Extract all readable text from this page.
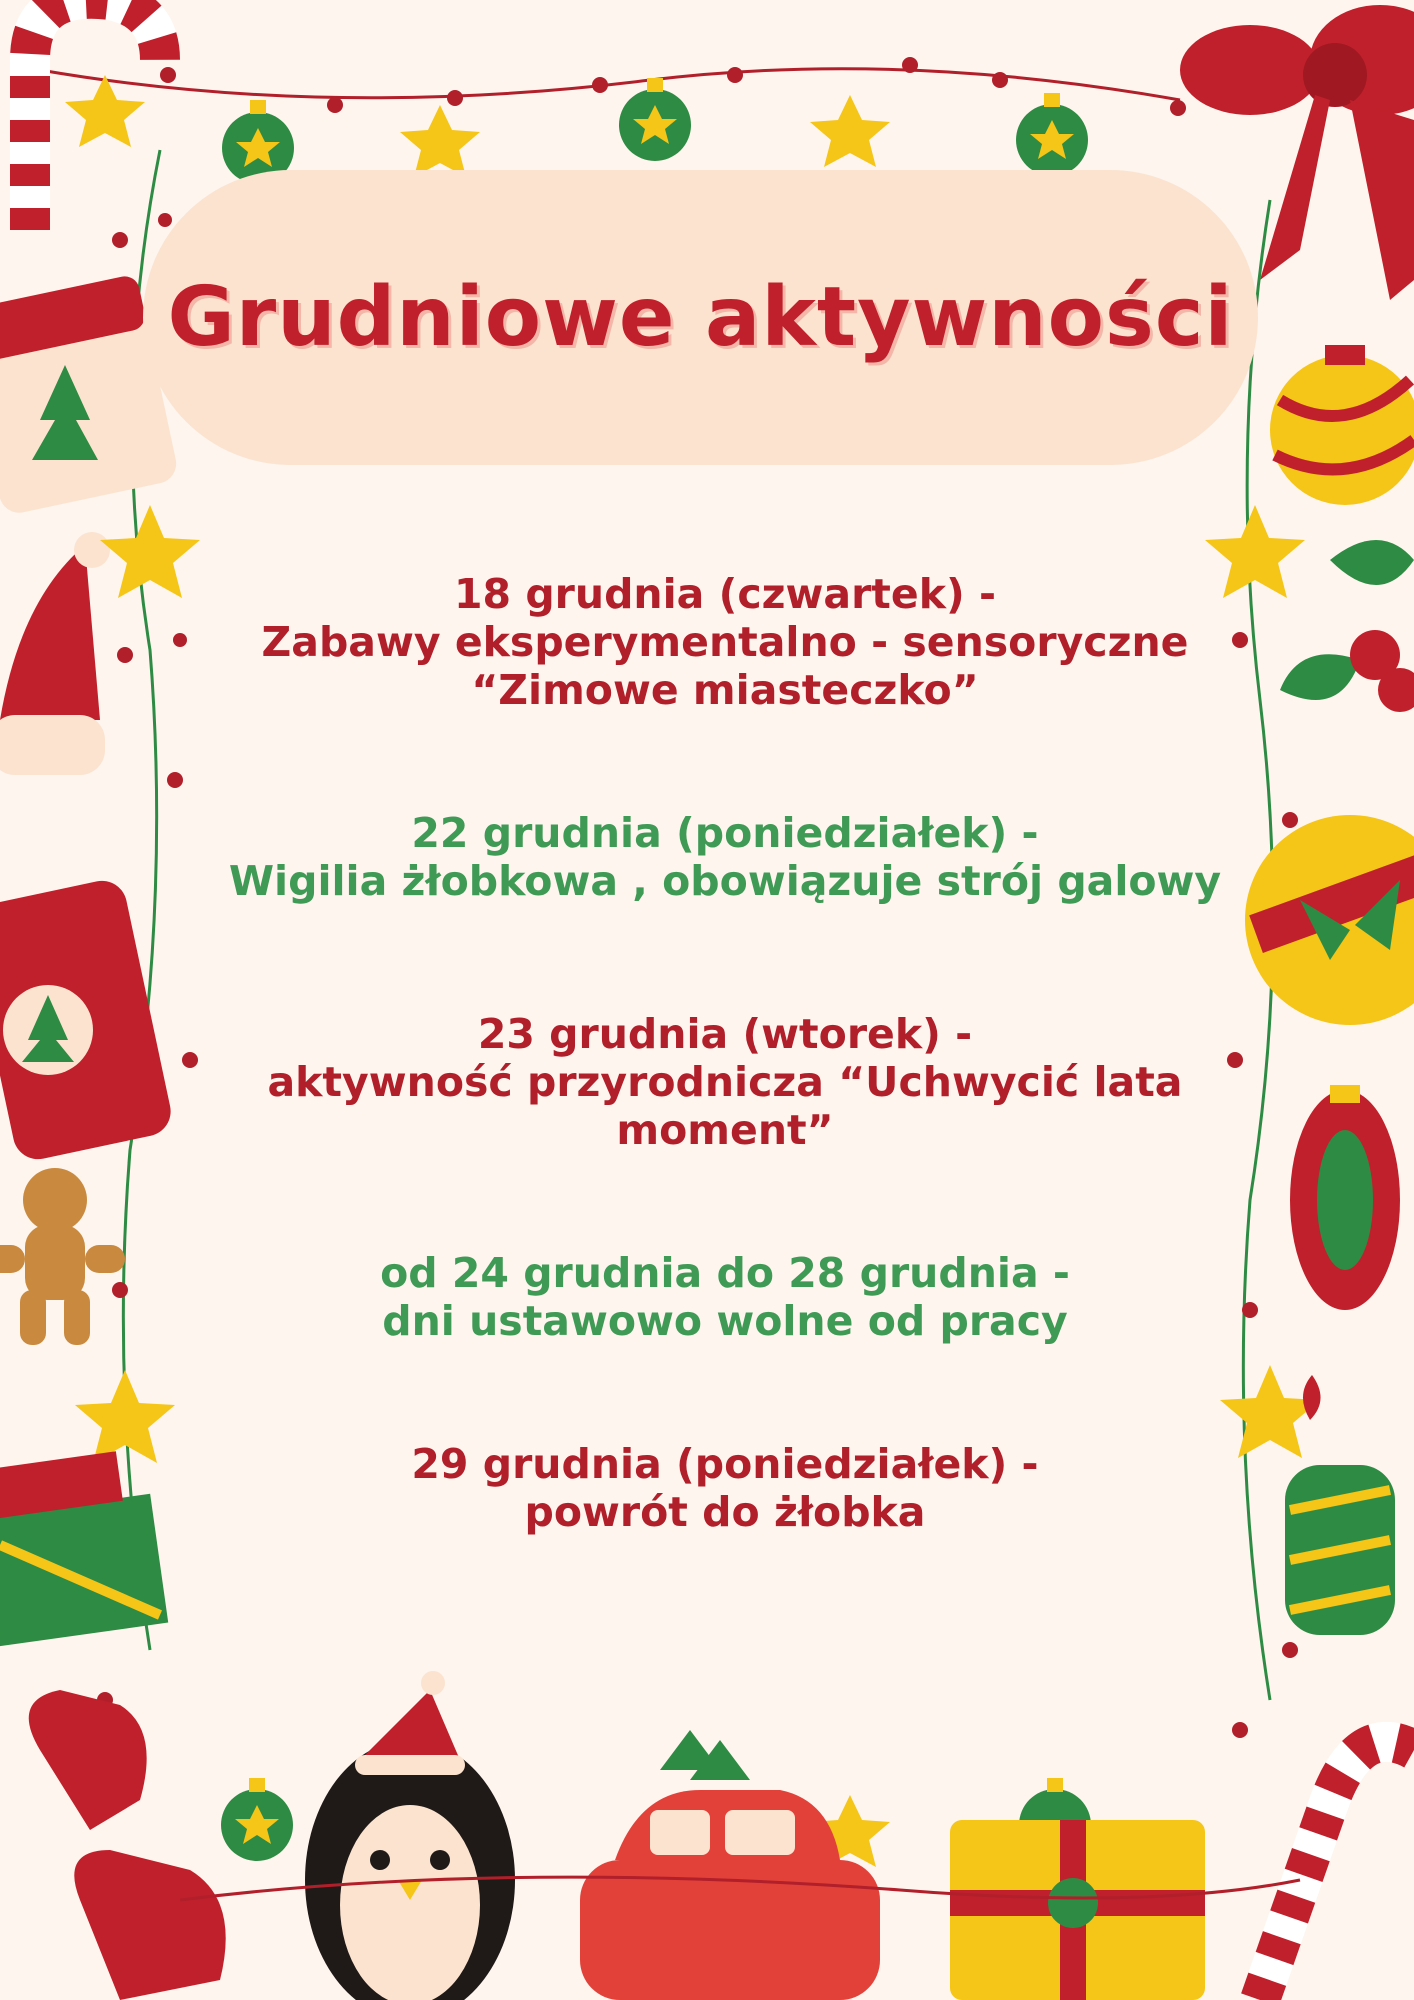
Grudniowe aktywności
18 grudnia (czwartek) -
Zabawy eksperymentalno - sensoryczne
“Zimowe miasteczko”
22 grudnia (poniedziałek) -
Wigilia żłobkowa , obowiązuje strój galowy
23 grudnia (wtorek) -
aktywność przyrodnicza “Uchwycić lata
moment”
od 24 grudnia do 28 grudnia -
dni ustawowo wolne od pracy
29 grudnia (poniedziałek) -
powrót do żłobka
